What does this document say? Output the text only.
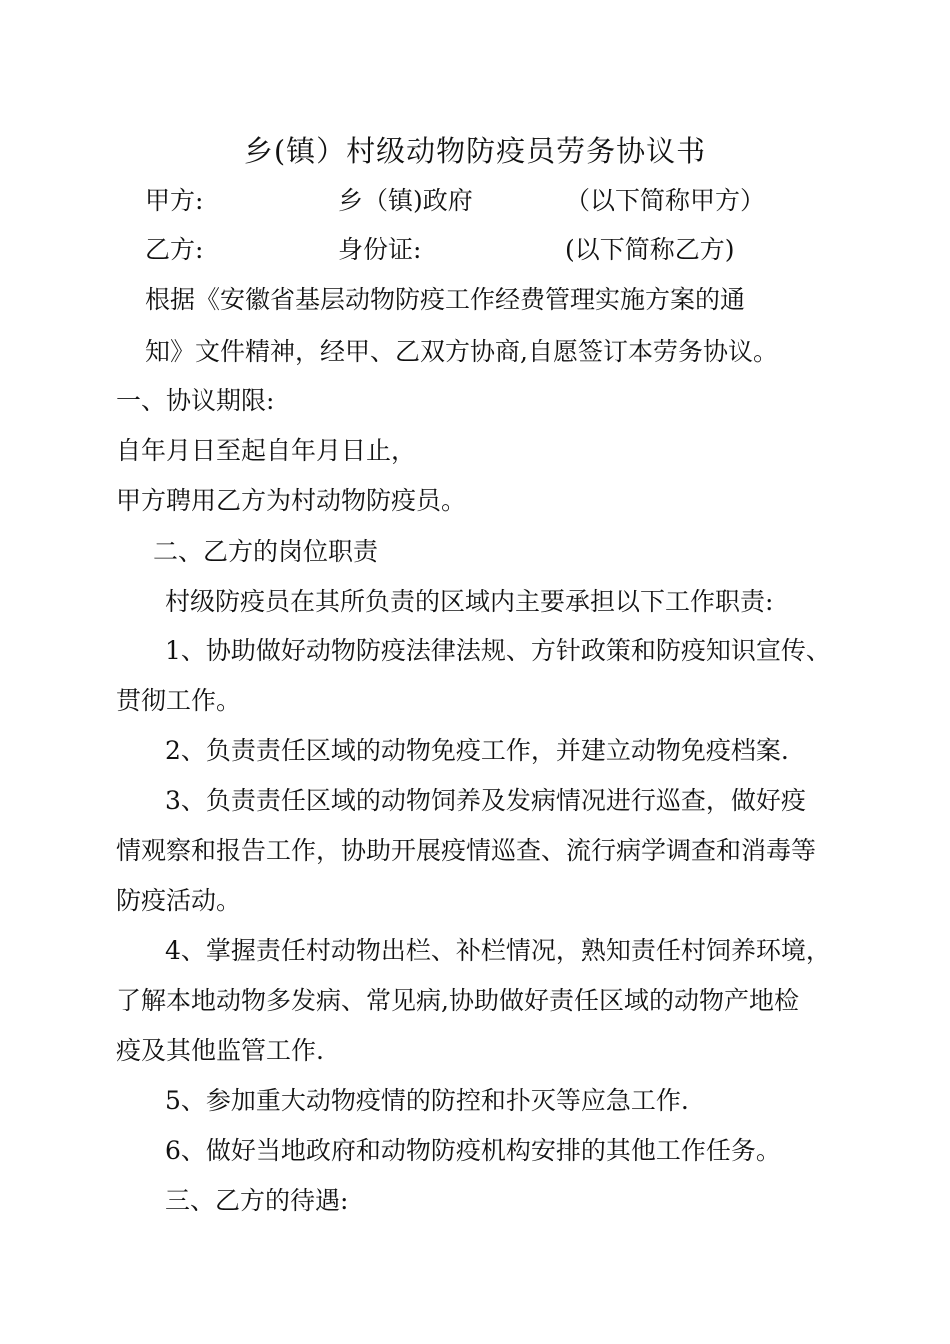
乡(镇）村级动物防疫员劳务协议书
甲方:	乡（镇)政府	（以下简称甲方）
乙方:	身份证:	(以下简称乙方)
根据《安徽省基层动物防疫工作经费管理实施方案的通
知》文件精神，经甲、乙双方协商,自愿签订本劳务协议。
一、协议期限:
自年月日至起自年月日止，
甲方聘用乙方为村动物防疫员。
二、乙方的岗位职责
村级防疫员在其所负责的区域内主要承担以下工作职责:
1、协助做好动物防疫法律法规、方针政策和防疫知识宣传、
贯彻工作。
2、负责责任区域的动物免疫工作，并建立动物免疫档案.
3、负责责任区域的动物饲养及发病情况进行巡查，做好疫
情观察和报告工作，协助开展疫情巡查、流行病学调查和消毒等
防疫活动。
4、掌握责任村动物出栏、补栏情况，熟知责任村饲养环境，
了解本地动物多发病、常见病,协助做好责任区域的动物产地检
疫及其他监管工作.
5、参加重大动物疫情的防控和扑灭等应急工作.
6、做好当地政府和动物防疫机构安排的其他工作任务。
三、乙方的待遇:
